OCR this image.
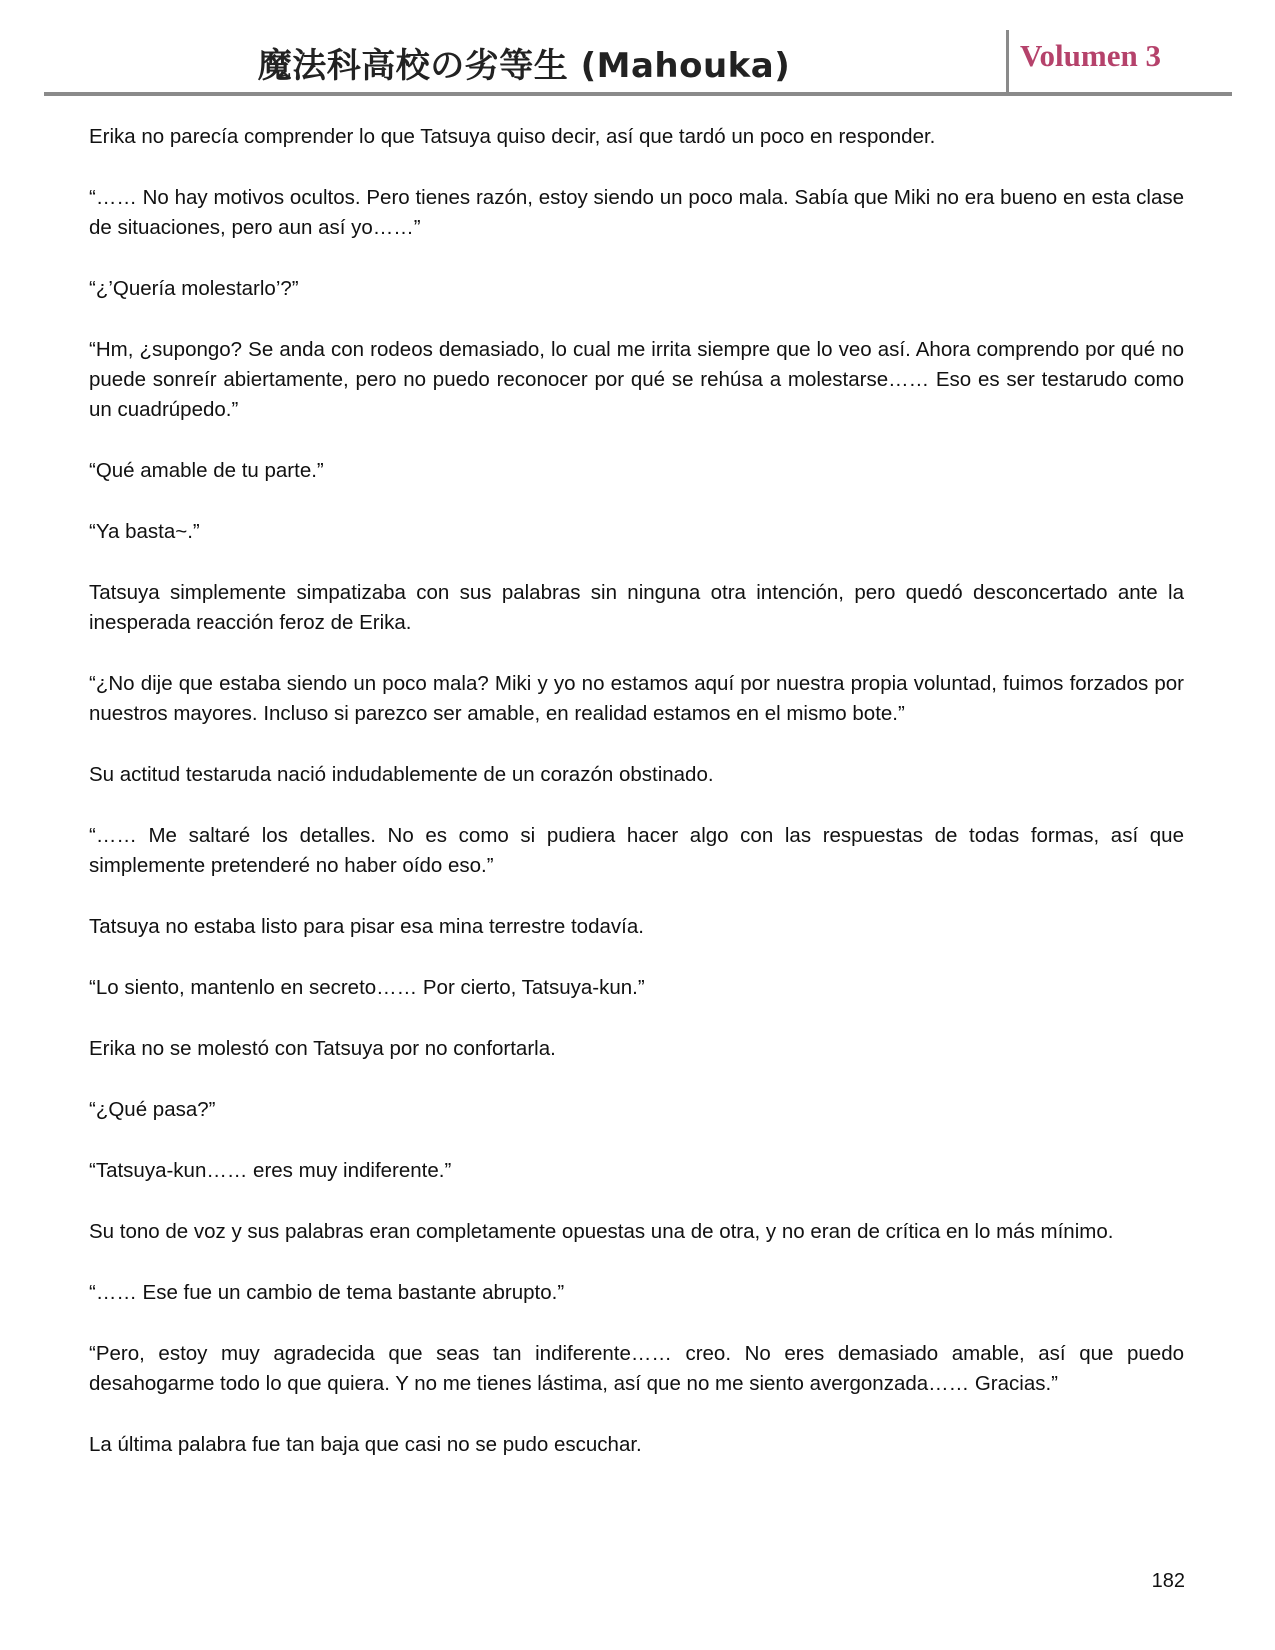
魔法科高校の劣等生 (Mahouka)	Volumen 3

Erika no parecía comprender lo que Tatsuya quiso decir, así que tardó un poco en responder.

“…… No hay motivos ocultos. Pero tienes razón, estoy siendo un poco mala. Sabía que Miki no era bueno en esta clase de situaciones, pero aun así yo……”

“¿’Quería molestarlo’?”

“Hm, ¿supongo? Se anda con rodeos demasiado, lo cual me irrita siempre que lo veo así. Ahora comprendo por qué no puede sonreír abiertamente, pero no puedo reconocer por qué se rehúsa a molestarse…… Eso es ser testarudo como un cuadrúpedo.”

“Qué amable de tu parte.”

“Ya basta~.”

Tatsuya simplemente simpatizaba con sus palabras sin ninguna otra intención, pero quedó desconcertado ante la inesperada reacción feroz de Erika.

“¿No dije que estaba siendo un poco mala? Miki y yo no estamos aquí por nuestra propia voluntad, fuimos forzados por nuestros mayores. Incluso si parezco ser amable, en realidad estamos en el mismo bote.”

Su actitud testaruda nació indudablemente de un corazón obstinado.

“…… Me saltaré los detalles. No es como si pudiera hacer algo con las respuestas de todas formas, así que simplemente pretenderé no haber oído eso.”

Tatsuya no estaba listo para pisar esa mina terrestre todavía.

“Lo siento, mantenlo en secreto…… Por cierto, Tatsuya-kun.”

Erika no se molestó con Tatsuya por no confortarla.

“¿Qué pasa?”

“Tatsuya-kun…… eres muy indiferente.”

Su tono de voz y sus palabras eran completamente opuestas una de otra, y no eran de crítica en lo más mínimo.

“…… Ese fue un cambio de tema bastante abrupto.”

“Pero, estoy muy agradecida que seas tan indiferente…… creo. No eres demasiado amable, así que puedo desahogarme todo lo que quiera. Y no me tienes lástima, así que no me siento avergonzada…… Gracias.”

La última palabra fue tan baja que casi no se pudo escuchar.

182
